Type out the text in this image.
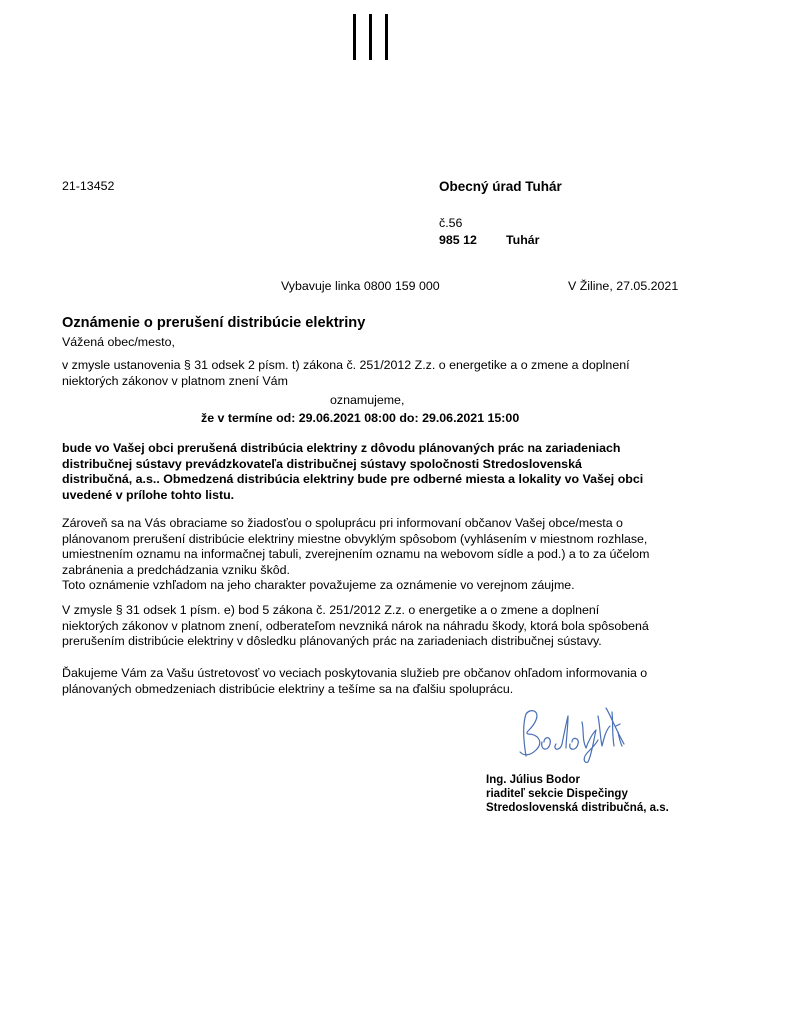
21-13452	Obecný úrad Tuhár
č.56
985 12 Tuhár
Vybavuje linka 0800 159 000	V Žiline, 27.05.2021
Oznámenie o prerušení distribúcie elektriny
Vážená obec/mesto,
v zmysle ustanovenia § 31 odsek 2 písm. t) zákona č. 251/2012 Z.z. o energetike a o zmene a doplnení
niektorých zákonov v platnom znení Vám
oznamujeme,
že v termíne od: 29.06.2021 08:00 do: 29.06.2021 15:00
bude vo Vašej obci prerušená distribúcia elektriny z dôvodu plánovaných prác na zariadeniach
distribučnej sústavy prevádzkovateľa distribučnej sústavy spoločnosti Stredoslovenská
distribučná, a.s.. Obmedzená distribúcia elektriny bude pre odberné miesta a lokality vo Vašej obci
uvedené v prílohe tohto listu.
Zároveň sa na Vás obraciame so žiadosťou o spoluprácu pri informovaní občanov Vašej obce/mesta o
plánovanom prerušení distribúcie elektriny miestne obvyklým spôsobom (vyhlásením v miestnom rozhlase,
umiestnením oznamu na informačnej tabuli, zverejnením oznamu na webovom sídle a pod.) a to za účelom
zabránenia a predchádzania vzniku škôd.
Toto oznámenie vzhľadom na jeho charakter považujeme za oznámenie vo verejnom záujme.
V zmysle § 31 odsek 1 písm. e) bod 5 zákona č. 251/2012 Z.z. o energetike a o zmene a doplnení
niektorých zákonov v platnom znení, odberateľom nevzniká nárok na náhradu škody, ktorá bola spôsobená
prerušením distribúcie elektriny v dôsledku plánovaných prác na zariadeniach distribučnej sústavy.
Ďakujeme Vám za Vašu ústretovosť vo veciach poskytovania služieb pre občanov ohľadom informovania o
plánovaných obmedzeniach distribúcie elektriny a tešíme sa na ďalšiu spoluprácu.
Ing. Július Bodor
riaditeľ sekcie Dispečingy
Stredoslovenská distribučná, a.s.
